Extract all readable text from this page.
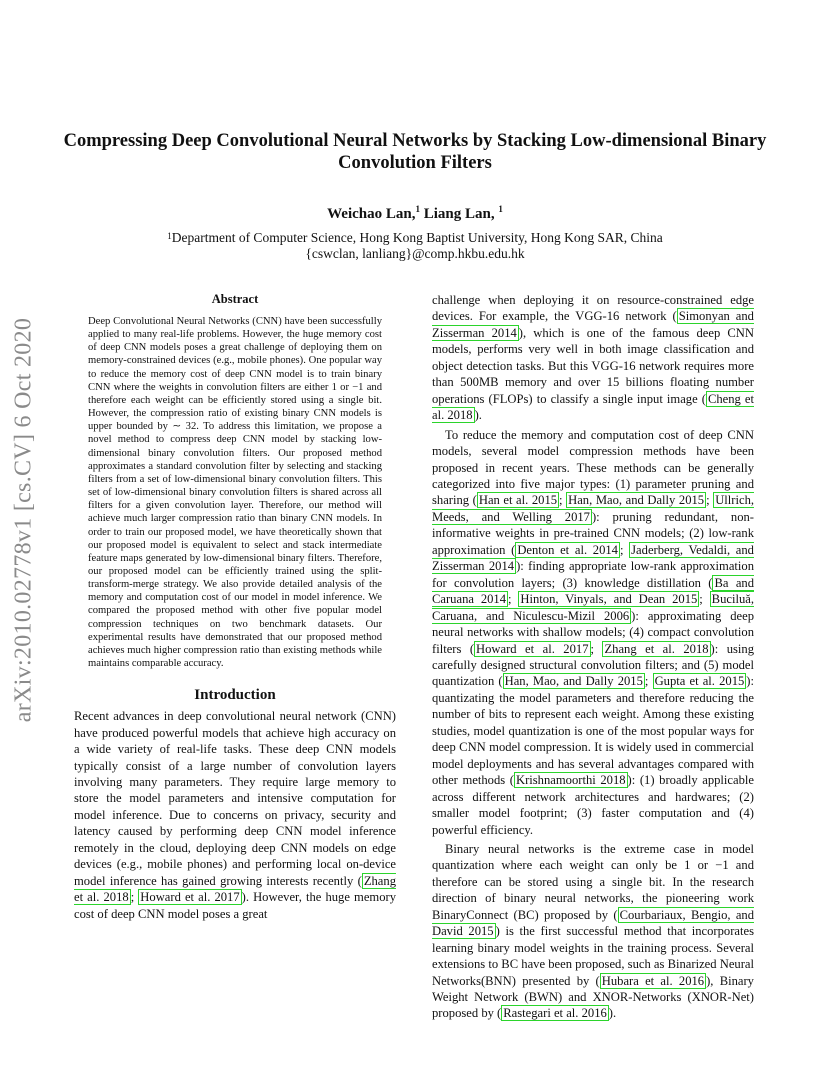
arXiv:2010.02778v1 [cs.CV] 6 Oct 2020
Compressing Deep Convolutional Neural Networks by Stacking Low-dimensional Binary Convolution Filters
Weichao Lan,$^1$ Liang Lan, $^1$
$^1$Department of Computer Science, Hong Kong Baptist University, Hong Kong SAR, China
{cswclan, lanliang}@comp.hkbu.edu.hk
Abstract

Deep Convolutional Neural Networks (CNN) have been successfully applied to many real-life problems. However, the huge memory cost of deep CNN models poses a great challenge of deploying them on memory-constrained devices (e.g., mobile phones). One popular way to reduce the memory cost of deep CNN model is to train binary CNN where the weights in convolution filters are either 1 or −1 and therefore each weight can be efficiently stored using a single bit. However, the compression ratio of existing binary CNN models is upper bounded by ∼ 32. To address this limitation, we propose a novel method to compress deep CNN model by stacking low-dimensional binary convolution filters. Our proposed method approximates a standard convolution filter by selecting and stacking filters from a set of low-dimensional binary convolution filters. This set of low-dimensional binary convolution filters is shared across all filters for a given convolution layer. Therefore, our method will achieve much larger compression ratio than binary CNN models. In order to train our proposed model, we have theoretically shown that our proposed model is equivalent to select and stack intermediate feature maps generated by low-dimensional binary filters. Therefore, our proposed model can be efficiently trained using the split-transform-merge strategy. We also provide detailed analysis of the memory and computation cost of our model in model inference. We compared the proposed method with other five popular model compression techniques on two benchmark datasets. Our experimental results have demonstrated that our proposed method achieves much higher compression ratio than existing methods while maintains comparable accuracy.

Introduction

Recent advances in deep convolutional neural network (CNN) have produced powerful models that achieve high accuracy on a wide variety of real-life tasks. These deep CNN models typically consist of a large number of convolution layers involving many parameters. They require large memory to store the model parameters and intensive computation for model inference. Due to concerns on privacy, security and latency caused by performing deep CNN model inference remotely in the cloud, deploying deep CNN models on edge devices (e.g., mobile phones) and performing local on-device model inference has gained growing interests recently ( Zhang et al. 2018 ; Howard et al. 2017 ). However, the huge memory cost of deep CNN model poses a great

challenge when deploying it on resource-constrained edge devices. For example, the VGG-16 network ( Simonyan and Zisserman 2014 ), which is one of the famous deep CNN models, performs very well in both image classification and object detection tasks. But this VGG-16 network requires more than 500MB memory and over 15 billions floating number operations (FLOPs) to classify a single input image ( Cheng et al. 2018 ).

To reduce the memory and computation cost of deep CNN models, several model compression methods have been proposed in recent years. These methods can be generally categorized into five major types: (1) parameter pruning and sharing ( Han et al. 2015 ; Han, Mao, and Dally 2015 ; Ullrich, Meeds, and Welling 2017 ): pruning redundant, non-informative weights in pre-trained CNN models; (2) low-rank approximation ( Denton et al. 2014 ; Jaderberg, Vedaldi, and Zisserman 2014 ): finding appropriate low-rank approximation for convolution layers; (3) knowledge distillation ( Ba and Caruana 2014 ; Hinton, Vinyals, and Dean 2015 ; Buciluǎ, Caruana, and Niculescu-Mizil 2006 ): approximating deep neural networks with shallow models; (4) compact convolution filters ( Howard et al. 2017 ; Zhang et al. 2018 ): using carefully designed structural convolution filters; and (5) model quantization ( Han, Mao, and Dally 2015 ; Gupta et al. 2015 ): quantizating the model parameters and therefore reducing the number of bits to represent each weight. Among these existing studies, model quantization is one of the most popular ways for deep CNN model compression. It is widely used in commercial model deployments and has several advantages compared with other methods ( Krishnamoorthi 2018 ): (1) broadly applicable across different network architectures and hardwares; (2) smaller model footprint; (3) faster computation and (4) powerful efficiency.

Binary neural networks is the extreme case in model quantization where each weight can only be 1 or −1 and therefore can be stored using a single bit. In the research direction of binary neural networks, the pioneering work BinaryConnect (BC) proposed by ( Courbariaux, Bengio, and David 2015 ) is the first successful method that incorporates learning binary model weights in the training process. Several extensions to BC have been proposed, such as Binarized Neural Networks(BNN) presented by ( Hubara et al. 2016 ), Binary Weight Network (BWN) and XNOR-Networks (XNOR-Net) proposed by ( Rastegari et al. 2016 ).
